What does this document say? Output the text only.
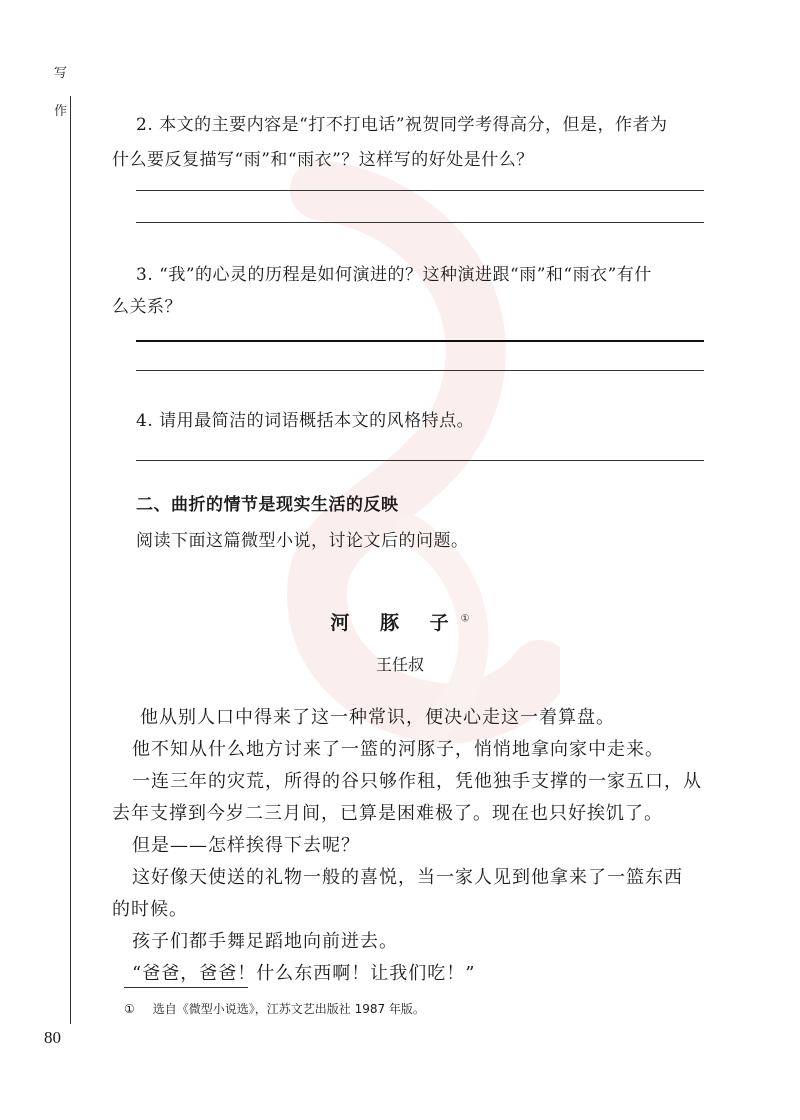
写
作
2. 本文的主要内容是“打不打电话”祝贺同学考得高分，但是，作者为
什么要反复描写“雨”和“雨衣”？这样写的好处是什么？
3. “我”的心灵的历程是如何演进的？这种演进跟“雨”和“雨衣”有什
么关系？
4. 请用最简洁的词语概括本文的风格特点。
二、曲折的情节是现实生活的反映
阅读下面这篇微型小说，讨论文后的问题。
河 豚 子①
王任叔
他从别人口中得来了这一种常识，便决心走这一着算盘。
他不知从什么地方讨来了一篮的河豚子，悄悄地拿向家中走来。
一连三年的灾荒，所得的谷只够作租，凭他独手支撑的一家五口，从
去年支撑到今岁二三月间，已算是困难极了。现在也只好挨饥了。
但是——怎样挨得下去呢？
这好像天使送的礼物一般的喜悦，当一家人见到他拿来了一篮东西
的时候。
孩子们都手舞足蹈地向前迸去。
“爸爸，爸爸！什么东西啊！让我们吃！”
① 选自《微型小说选》，江苏文艺出版社 1987 年版。
80
